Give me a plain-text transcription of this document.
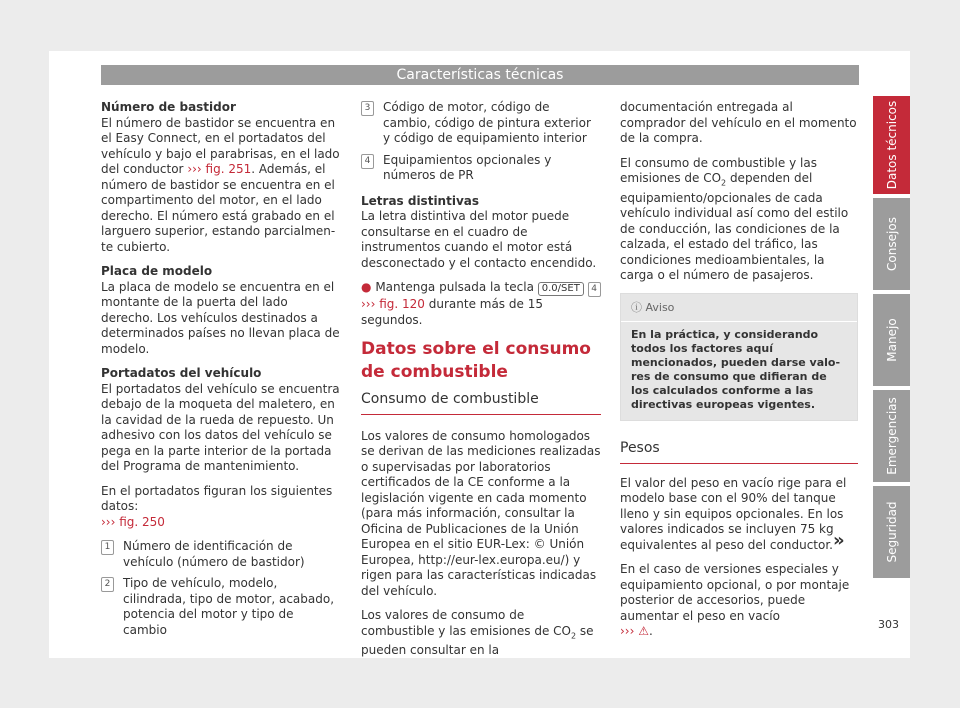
Características técnicas

Número de bastidor

El número de bastidor se encuentra en el Easy Connect, en el portadatos del vehículo y bajo el parabrisas, en el lado del conductor ››› fig. 251. Además, el número de bastidor se encuentra en el compartimento del motor, en el lado derecho. El número está grabado en el larguero superior, estando parcialmente cubierto.

Placa de modelo

La placa de modelo se encuentra en el montante de la puerta del lado derecho. Los vehículos destinados a determinados países no llevan placa de modelo.

Portadatos del vehículo

El portadatos del vehículo se encuentra debajo de la moqueta del maletero, en la cavidad de la rueda de repuesto. Un adhesivo con los datos del vehículo se pega en la parte interior de la portada del Programa de mantenimiento.

En el portadatos figuran los siguientes datos:
››› fig. 250

1	Número de identificación de vehículo (número de bastidor)
2	Tipo de vehículo, modelo, cilindrada, tipo de motor, acabado, potencia del motor y tipo de cambio
3	Código de motor, código de cambio, código de pintura exterior y código de equipamiento interior
4	Equipamientos opcionales y números de PR

Letras distintivas

La letra distintiva del motor puede consultarse en el cuadro de instrumentos cuando el motor está desconectado y el contacto encendido.

● Mantenga pulsada la tecla 0.0/SET 4
››› fig. 120 durante más de 15 segundos.

Datos sobre el consumo de combustible
Consumo de combustible

Los valores de consumo homologados se derivan de las mediciones realizadas o supervisadas por laboratorios certificados de la CE conforme a la legislación vigente en cada momento (para más información, consultar la Oficina de Publicaciones de la Unión Europea en el sitio EUR-Lex: © Unión Europea, http://eur-lex.europa.eu/) y rigen para las características indicadas del vehículo.

Los valores de consumo de combustible y las emisiones de $CO_2$ se pueden consultar en la

documentación entregada al comprador del vehículo en el momento de la compra.

El consumo de combustible y las emisiones de $CO_2$ dependen del equipamiento/opcionales de cada vehículo individual así como del estilo de conducción, las condiciones de la calzada, el estado del tráfico, las condiciones medioambientales, la carga o el número de pasajeros.

ⓘ Aviso
En la práctica, y considerando todos los factores aquí mencionados, pueden darse valores de consumo que difieran de los calculados conforme a las directivas europeas vigentes.
Pesos

El valor del peso en vacío rige para el modelo base con el 90% del tanque lleno y sin equipos opcionales. En los valores indicados se incluyen 75 kg equivalentes al peso del conductor.

En el caso de versiones especiales y equipamiento opcional, o por montaje posterior de accesorios, puede aumentar el peso en vacío
››› ⚠.

»
Datos técnicos
Consejos
Manejo
Emergencias
Seguridad
303
